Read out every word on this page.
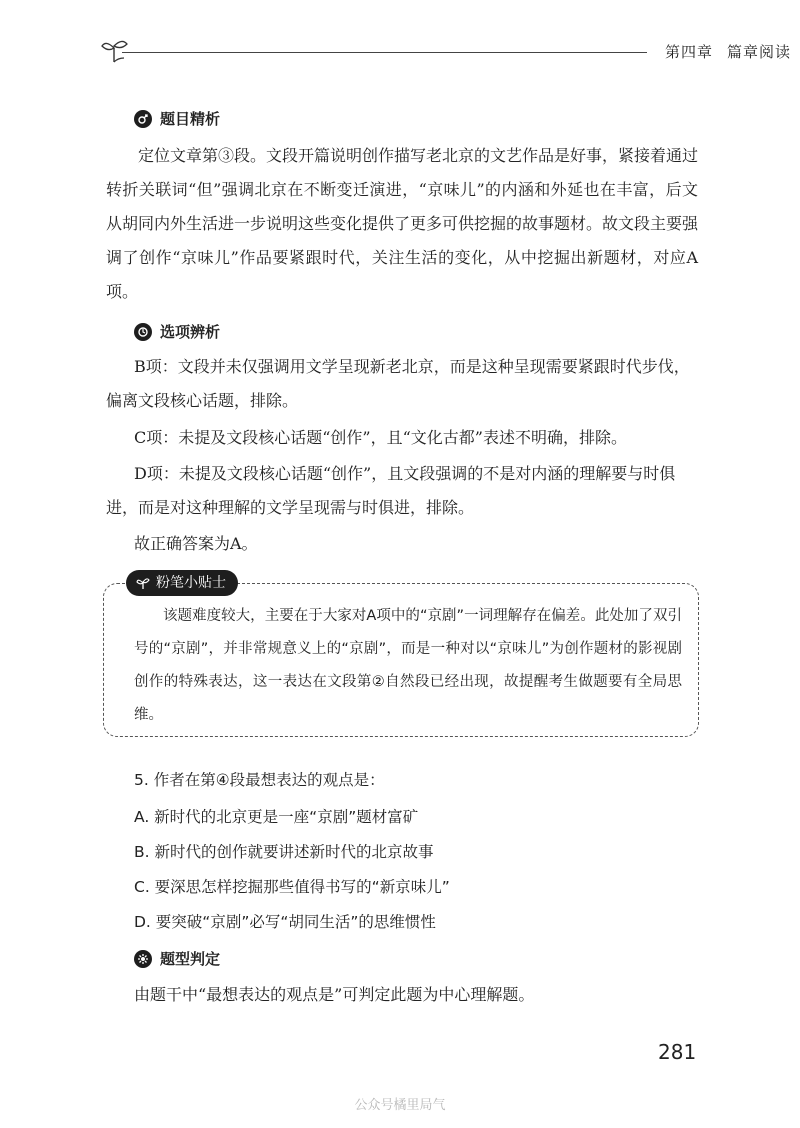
第四章 篇章阅读
题目精析
定位文章第③段。文段开篇说明创作描写老北京的文艺作品是好事，紧接着通过转折关联词“但”强调北京在不断变迁演进，“京味儿”的内涵和外延也在丰富，后文从胡同内外生活进一步说明这些变化提供了更多可供挖掘的故事题材。故文段主要强调了创作“京味儿”作品要紧跟时代，关注生活的变化，从中挖掘出新题材，对应A项。
选项辨析
B项：文段并未仅强调用文学呈现新老北京，而是这种呈现需要紧跟时代步伐，
偏离文段核心话题，排除。
C项：未提及文段核心话题“创作”，且“文化古都”表述不明确，排除。
D项：未提及文段核心话题“创作”，且文段强调的不是对内涵的理解要与时俱
进，而是对这种理解的文学呈现需与时俱进，排除。
故正确答案为A。
粉笔小贴士
该题难度较大，主要在于大家对A项中的“京剧”一词理解存在偏差。此处加了双引号的“京剧”，并非常规意义上的“京剧”，而是一种对以“京味儿”为创作题材的影视剧创作的特殊表达，这一表达在文段第②自然段已经出现，故提醒考生做题要有全局思维。
5. 作者在第④段最想表达的观点是：
A. 新时代的北京更是一座“京剧”题材富矿
B. 新时代的创作就要讲述新时代的北京故事
C. 要深思怎样挖掘那些值得书写的“新京味儿”
D. 要突破“京剧”必写“胡同生活”的思维惯性
题型判定
由题干中“最想表达的观点是”可判定此题为中心理解题。
281
公众号橘里局气
